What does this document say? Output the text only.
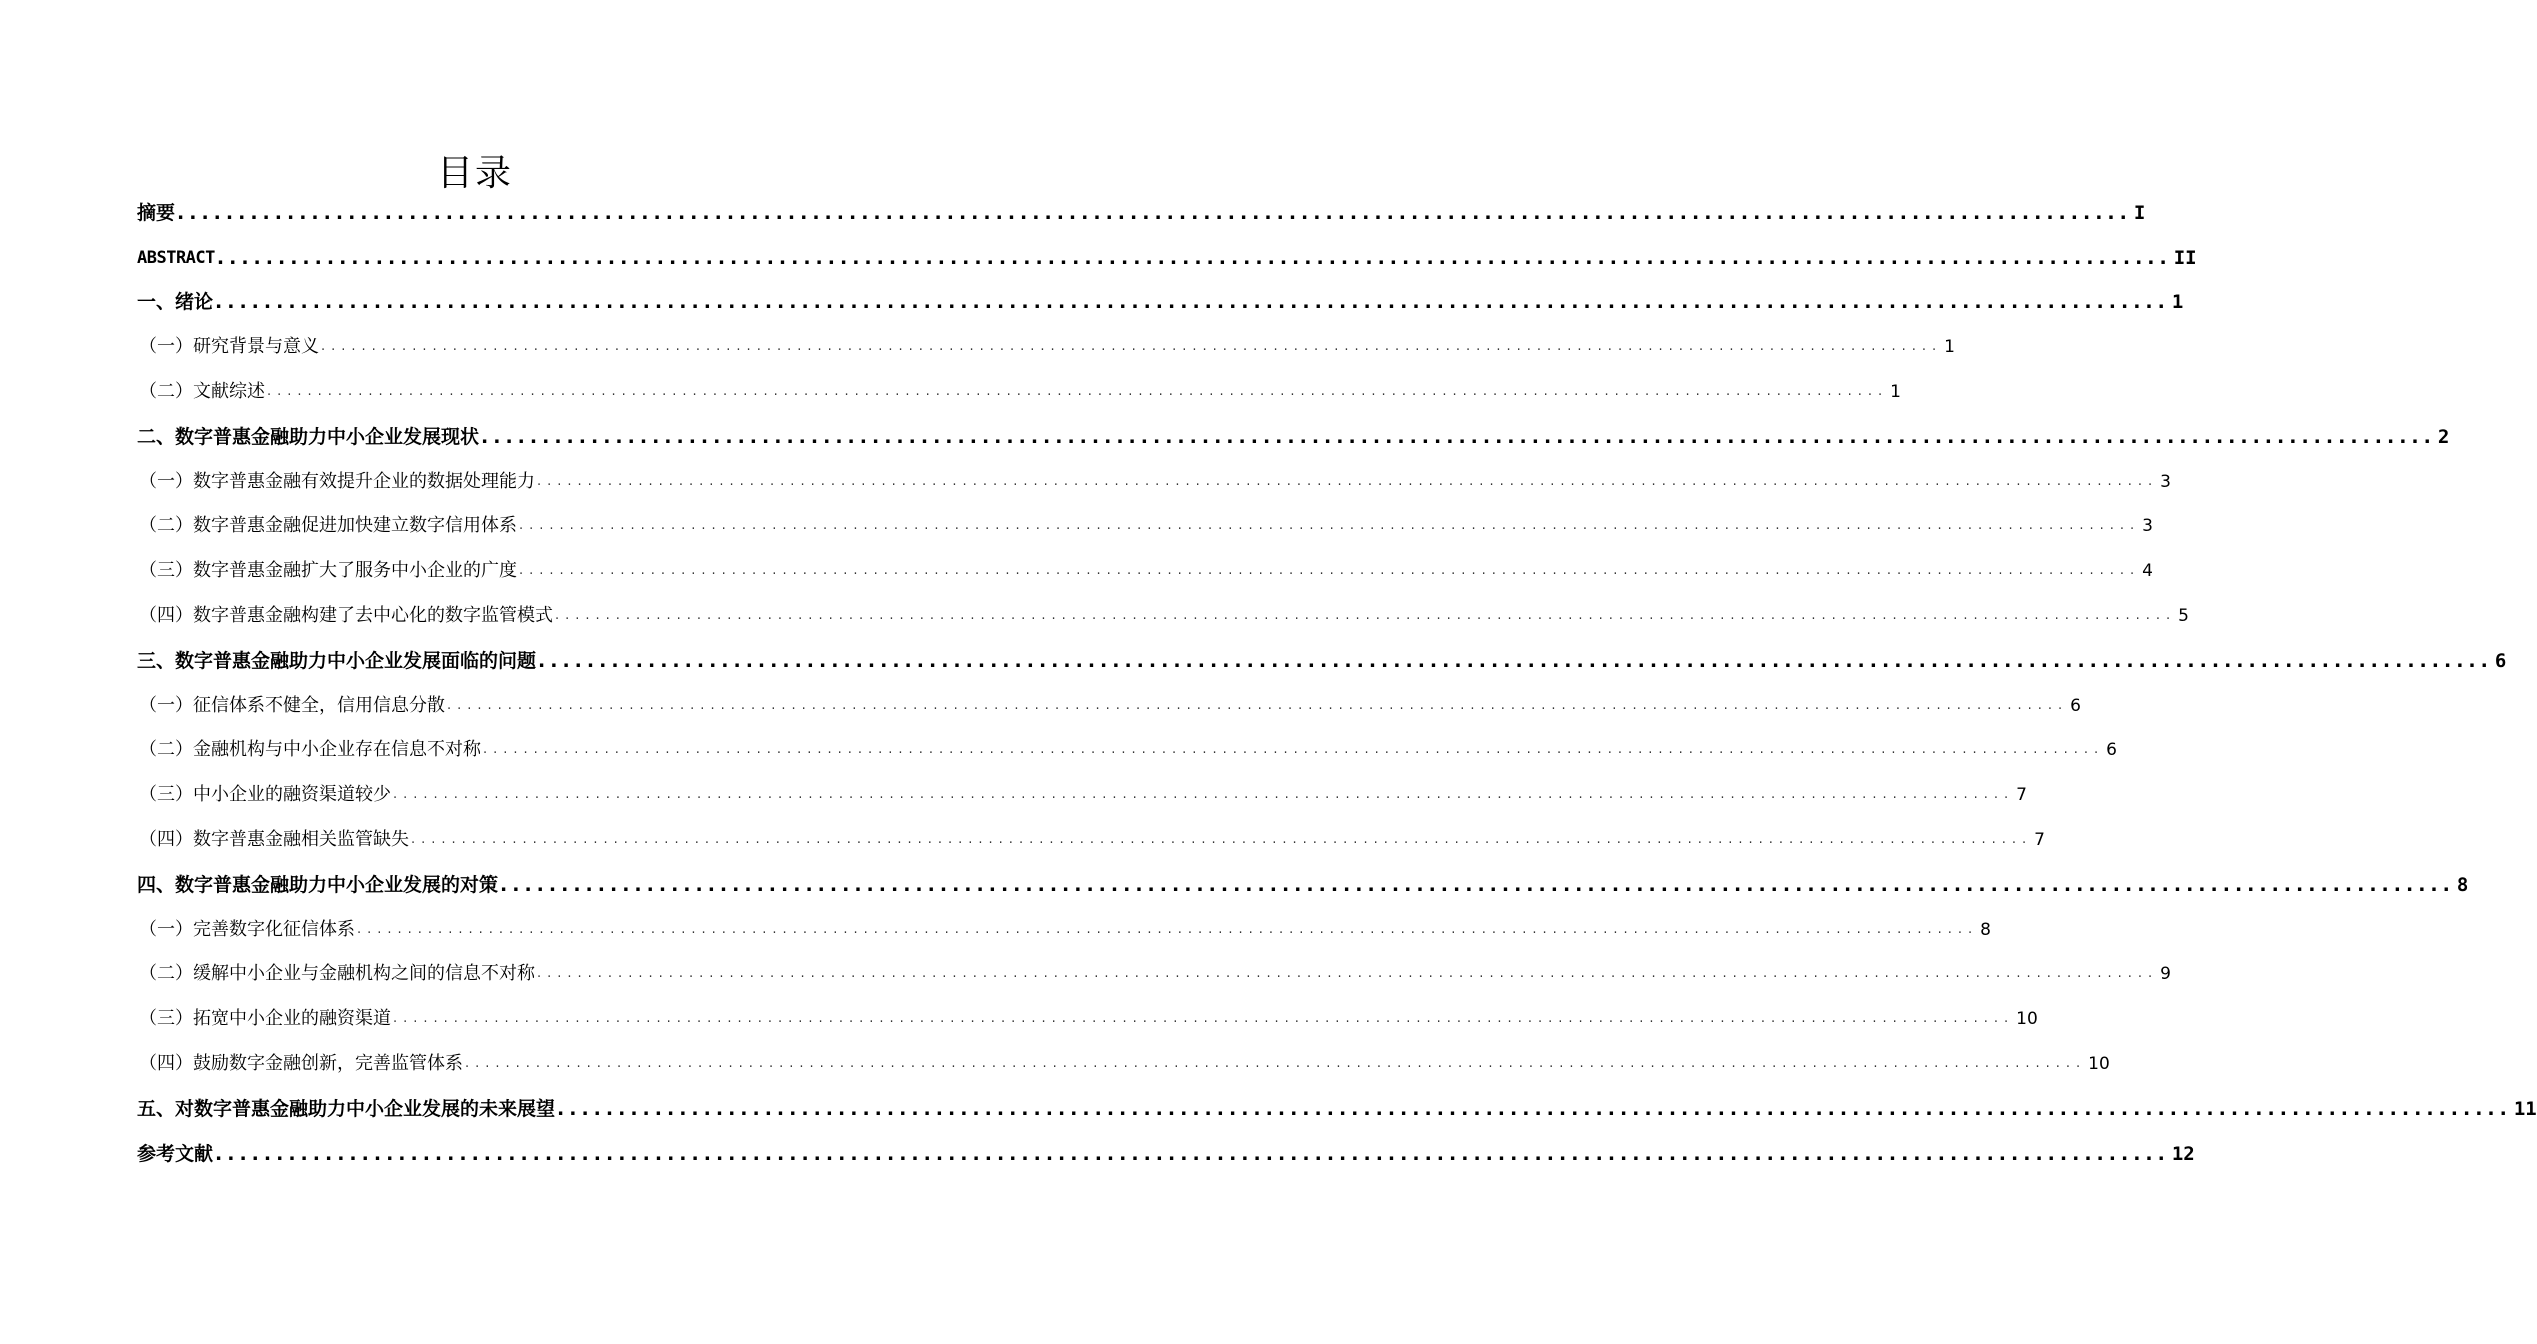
目录
摘要 ................................................................................................................................................................ I
ABSTRACT ................................................................................................................................................................ II
一、绪论 ................................................................................................................................................................ 1
（一）研究背景与意义 ................................................................................................................................................................ 1
（二）文献综述 ................................................................................................................................................................ 1
二、数字普惠金融助力中小企业发展现状 ................................................................................................................................................................ 2
（一）数字普惠金融有效提升企业的数据处理能力 ................................................................................................................................................................ 3
（二）数字普惠金融促进加快建立数字信用体系 ................................................................................................................................................................ 3
（三）数字普惠金融扩大了服务中小企业的广度 ................................................................................................................................................................ 4
（四）数字普惠金融构建了去中心化的数字监管模式 ................................................................................................................................................................ 5
三、数字普惠金融助力中小企业发展面临的问题 ................................................................................................................................................................ 6
（一）征信体系不健全，信用信息分散 ................................................................................................................................................................ 6
（二）金融机构与中小企业存在信息不对称 ................................................................................................................................................................ 6
（三）中小企业的融资渠道较少 ................................................................................................................................................................ 7
（四）数字普惠金融相关监管缺失 ................................................................................................................................................................ 7
四、数字普惠金融助力中小企业发展的对策 ................................................................................................................................................................ 8
（一）完善数字化征信体系 ................................................................................................................................................................ 8
（二）缓解中小企业与金融机构之间的信息不对称 ................................................................................................................................................................ 9
（三）拓宽中小企业的融资渠道 ................................................................................................................................................................ 10
（四）鼓励数字金融创新，完善监管体系 ................................................................................................................................................................ 10
五、对数字普惠金融助力中小企业发展的未来展望 ................................................................................................................................................................ 11
参考文献 ................................................................................................................................................................ 12
